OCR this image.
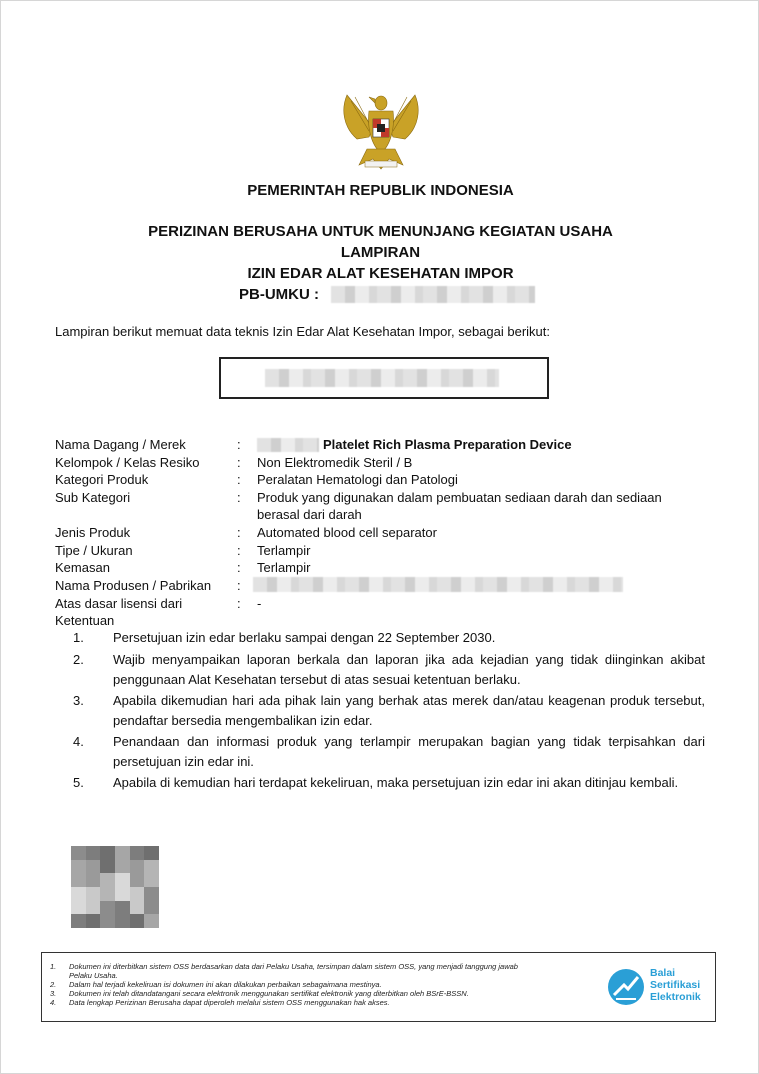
PEMERINTAH REPUBLIK INDONESIA
PERIZINAN BERUSAHA UNTUK MENUNJANG KEGIATAN USAHA
LAMPIRAN
IZIN EDAR ALAT KESEHATAN IMPOR
PB-UMKU :
Lampiran berikut memuat data teknis Izin Edar Alat Kesehatan Impor, sebagai berikut:
Nama Dagang / Merek	:	Platelet Rich Plasma Preparation Device
Kelompok / Kelas Resiko	: Non Elektromedik Steril / B
Kategori Produk	: Peralatan Hematologi dan Patologi
Sub Kategori	: Produk yang digunakan dalam pembuatan sediaan darah dan sediaan
berasal dari darah
Jenis Produk	: Automated blood cell separator
Tipe / Ukuran	: Terlampir
Kemasan	: Terlampir
Nama Produsen / Pabrikan :
Atas dasar lisensi dari	: -
Ketentuan
1. Persetujuan izin edar berlaku sampai dengan 22 September 2030.
2. Wajib menyampaikan laporan berkala dan laporan jika ada kejadian yang tidak diinginkan akibat penggunaan Alat Kesehatan tersebut di atas sesuai ketentuan berlaku.
3. Apabila dikemudian hari ada pihak lain yang berhak atas merek dan/atau keagenan produk tersebut, pendaftar bersedia mengembalikan izin edar.
4. Penandaan dan informasi produk yang terlampir merupakan bagian yang tidak terpisahkan dari persetujuan izin edar ini.
5. Apabila di kemudian hari terdapat kekeliruan, maka persetujuan izin edar ini akan ditinjau kembali.
1. Dokumen ini diterbitkan sistem OSS berdasarkan data dari Pelaku Usaha, tersimpan dalam sistem OSS, yang menjadi tanggung jawab
Pelaku Usaha.
2. Dalam hal terjadi kekeliruan isi dokumen ini akan dilakukan perbaikan sebagaimana mestinya.
3. Dokumen ini telah ditandatangani secara elektronik menggunakan sertifikat elektronik yang diterbitkan oleh BSrE-BSSN.
4. Data lengkap Perizinan Berusaha dapat diperoleh melalui sistem OSS menggunakan hak akses.
Balai
Sertifikasi
Elektronik
